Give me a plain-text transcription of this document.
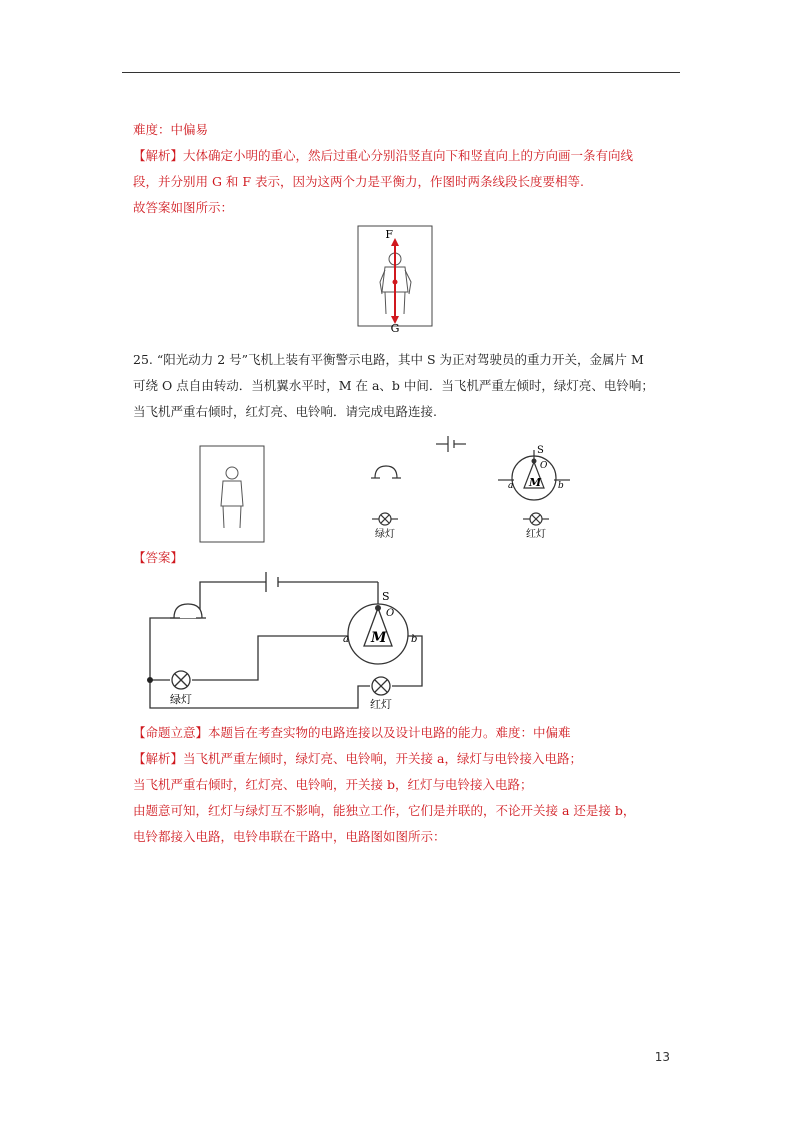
难度：中偏易
【解析】大体确定小明的重心，然后过重心分别沿竖直向下和竖直向上的方向画一条有向线
段，并分别用 G 和 F 表示，因为这两个力是平衡力，作图时两条线段长度要相等.
故答案如图所示：
F
G
25. “阳光动力 2 号”飞机上装有平衡警示电路，其中 S 为正对驾驶员的重力开关，金属片 M
可绕 O 点自由转动．当机翼水平时，M 在 a、b 中间．当飞机严重左倾时，绿灯亮、电铃响；
当飞机严重右倾时，红灯亮、电铃响．请完成电路连接.
S
O
M
a	b
绿灯	红灯
【答案】
S
O
M
a	b
绿灯	红灯
【命题立意】本题旨在考查实物的电路连接以及设计电路的能力。难度：中偏难
【解析】当飞机严重左倾时，绿灯亮、电铃响，开关接 a，绿灯与电铃接入电路；
当飞机严重右倾时，红灯亮、电铃响，开关接 b，红灯与电铃接入电路；
由题意可知，红灯与绿灯互不影响，能独立工作，它们是并联的，不论开关接 a 还是接 b，
电铃都接入电路，电铃串联在干路中，电路图如图所示：
13
